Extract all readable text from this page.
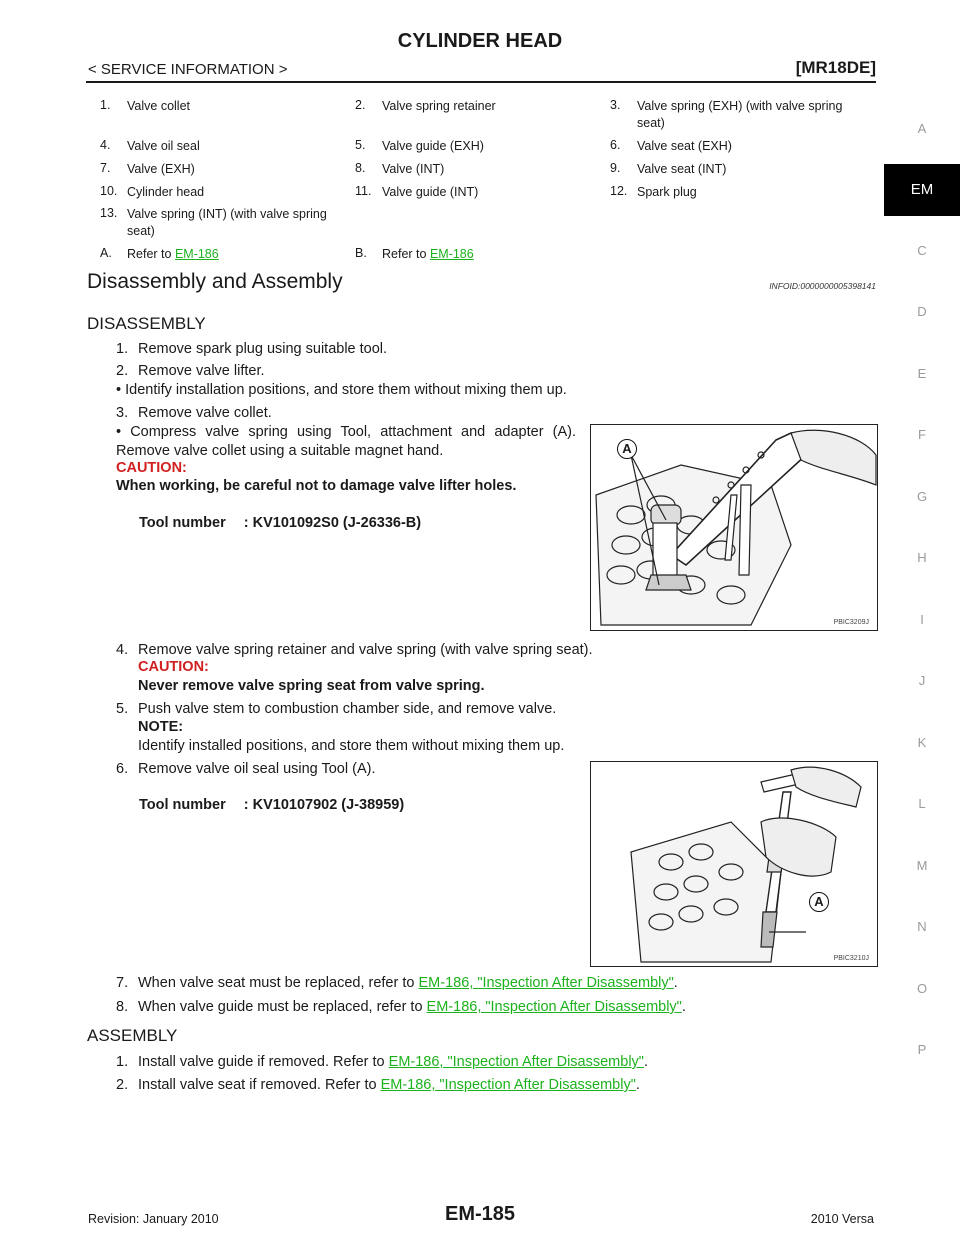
CYLINDER HEAD
< SERVICE INFORMATION >	[MR18DE]
A
EM
C
D
E
F
G
H
I
J
K
L
M
N
O
P
1.	Valve collet	2.	Valve spring retainer	3.	Valve spring (EXH) (with valve spring seat)
4.	Valve oil seal	5.	Valve guide (EXH)	6.	Valve seat (EXH)
7.	Valve (EXH)	8.	Valve (INT)	9.	Valve seat (INT)
10. Cylinder head	11. Valve guide (INT)	12. Spark plug
13. Valve spring (INT) (with valve spring seat)
A.	Refer to EM-186	B.	Refer to EM-186
Disassembly and Assembly	INFOID:0000000005398141
DISASSEMBLY
1. Remove spark plug using suitable tool.
2. Remove valve lifter.
• Identify installation positions, and store them without mixing them up.
3. Remove valve collet.
• Compress valve spring using Tool, attachment and adapter (A). Remove valve collet using a suitable magnet hand.
CAUTION:
When working, be careful not to damage valve lifter holes.
Tool number : KV101092S0 (J-26336-B)
A
PBIC3209J
4. Remove valve spring retainer and valve spring (with valve spring seat).
CAUTION:
Never remove valve spring seat from valve spring.
5. Push valve stem to combustion chamber side, and remove valve.
NOTE:
Identify installed positions, and store them without mixing them up.
6. Remove valve oil seal using Tool (A).
Tool number : KV10107902 (J-38959)
A
PBIC3210J
7. When valve seat must be replaced, refer to EM-186, "Inspection After Disassembly".
8. When valve guide must be replaced, refer to EM-186, "Inspection After Disassembly".
ASSEMBLY
1. Install valve guide if removed. Refer to EM-186, "Inspection After Disassembly".
2. Install valve seat if removed. Refer to EM-186, "Inspection After Disassembly".
Revision: January 2010	EM-185	2010 Versa
